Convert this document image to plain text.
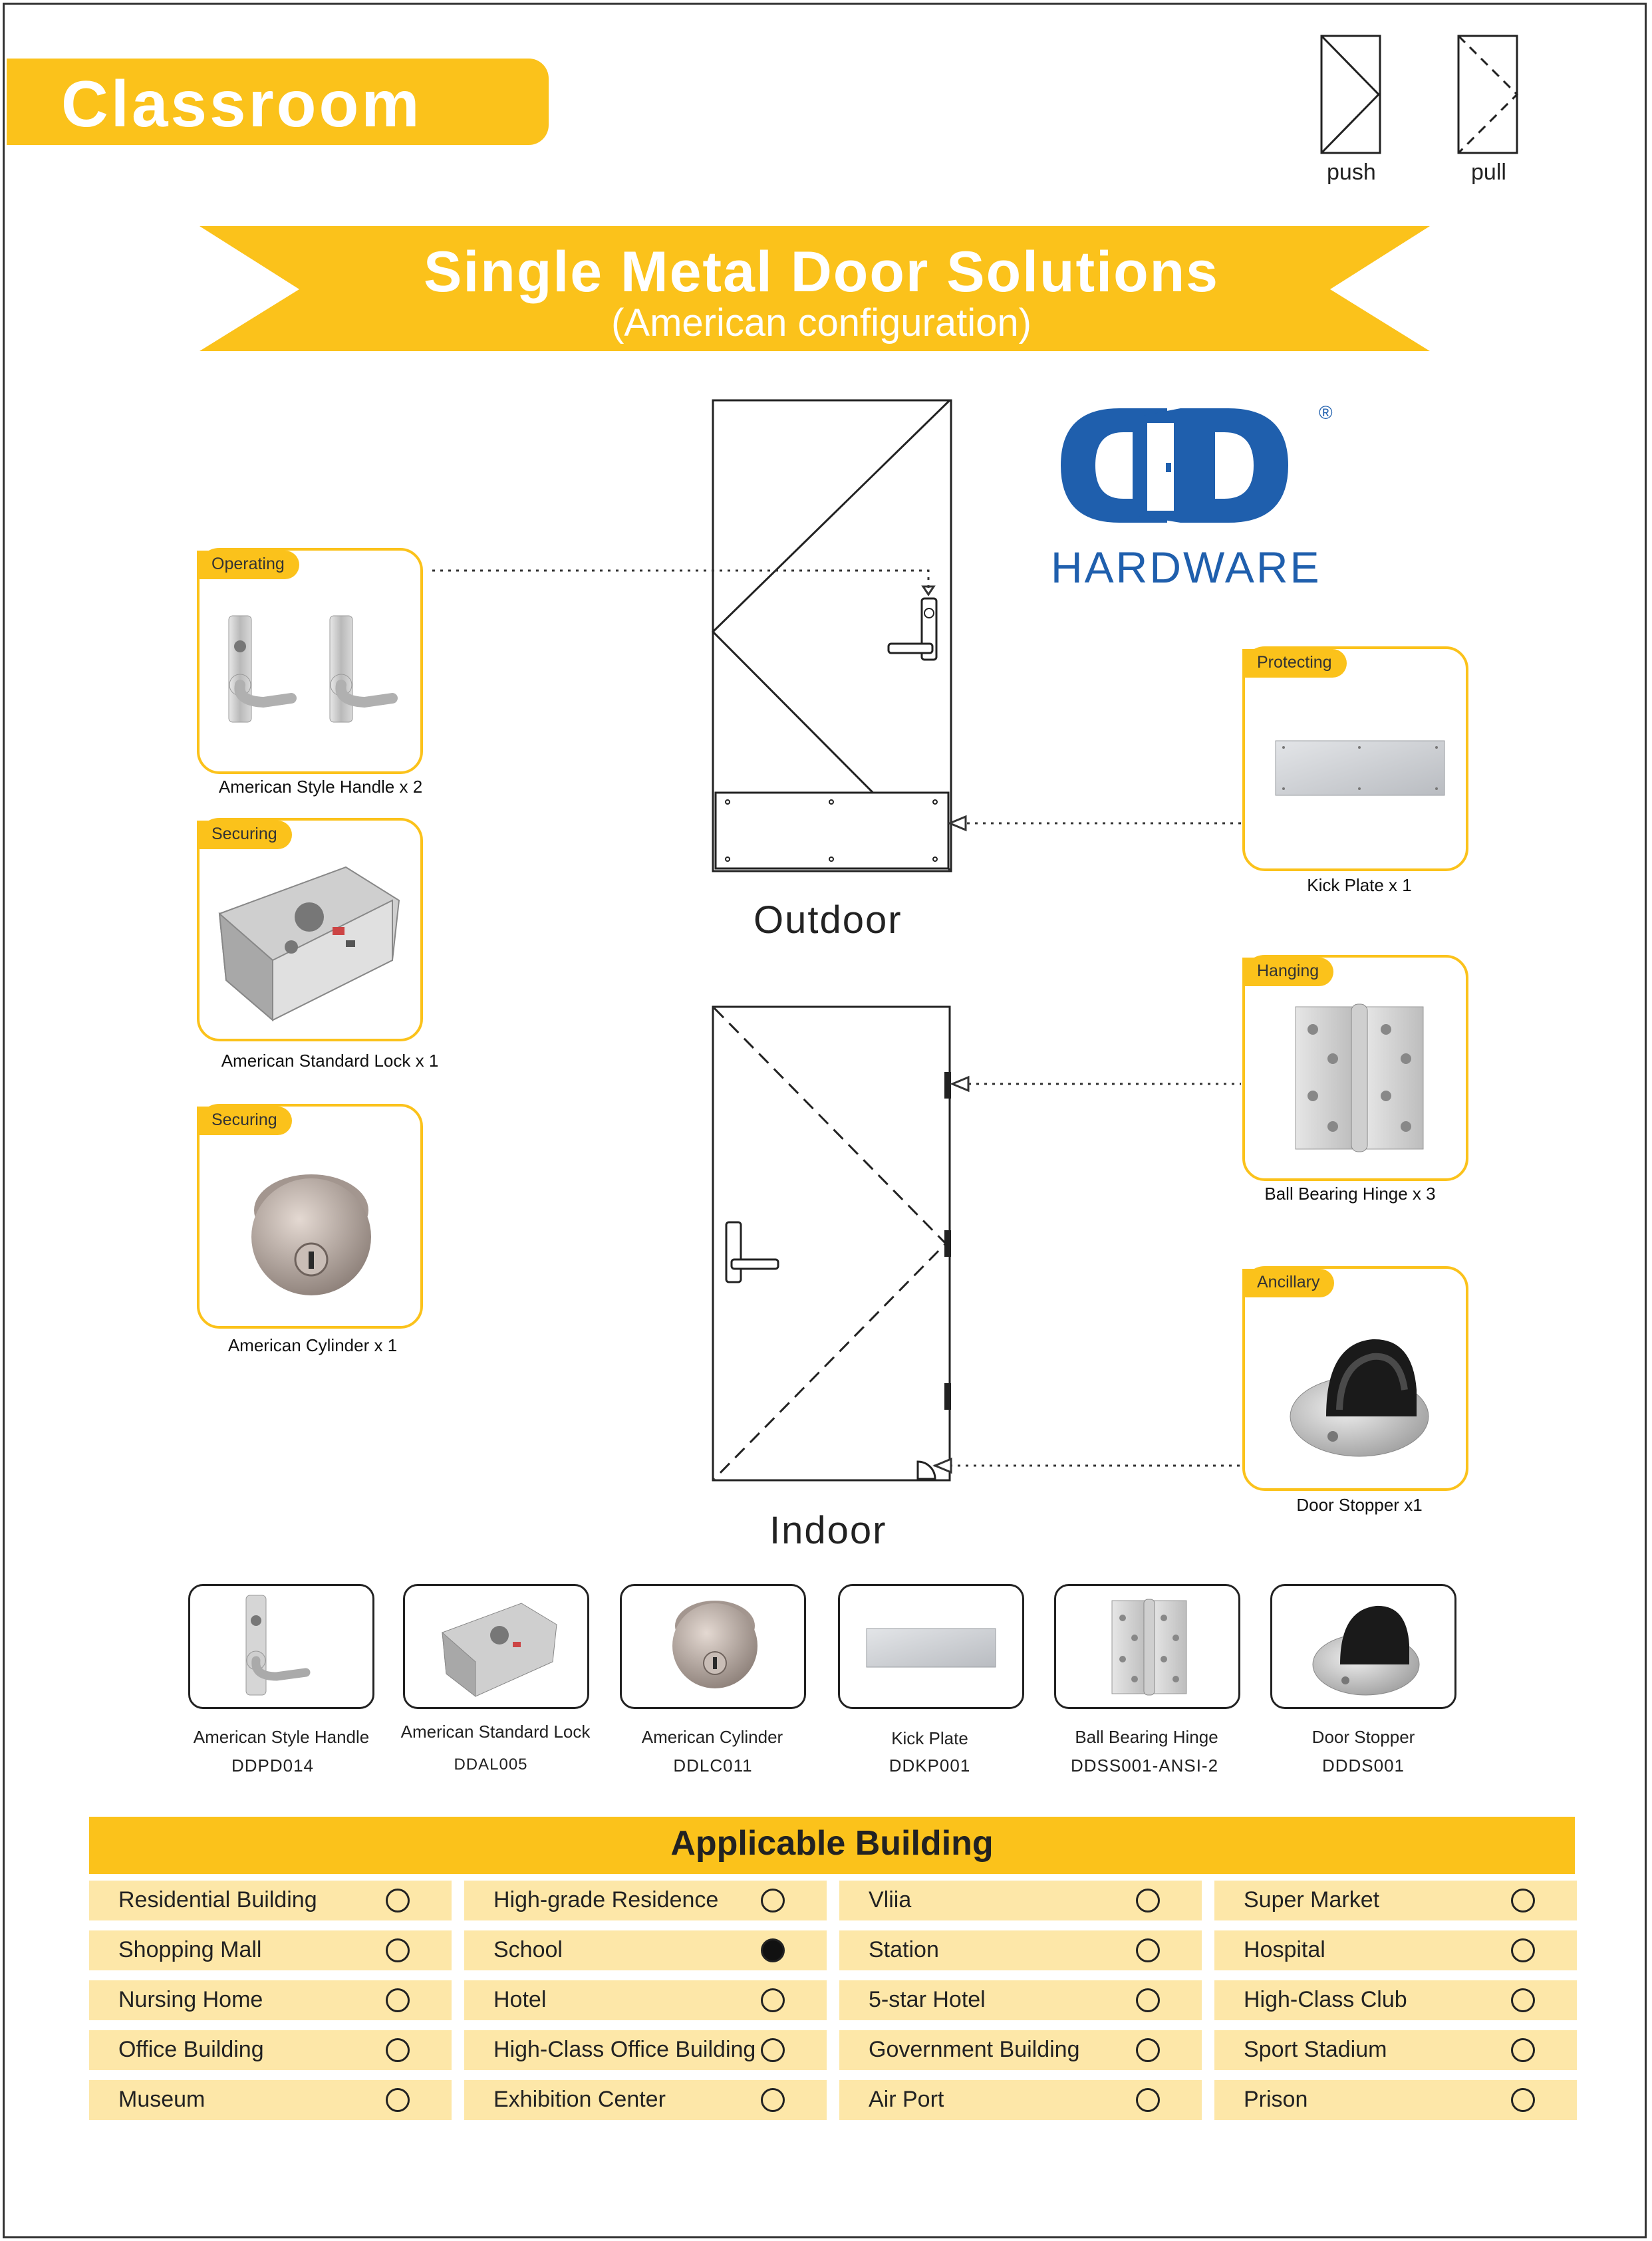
Classroom
push	pull
Single Metal Door Solutions
(American configuration)
®
HARDWARE
Outdoor
Indoor
Operating
American Style Handle x 2
Securing
American Standard Lock x 1
Securing
American Cylinder x 1
Protecting
Kick Plate x 1
Hanging
Ball Bearing Hinge x 3
Ancillary
Door Stopper x1
American Style Handle
DDPD014
American Standard Lock
DDAL005
American Cylinder
DDLC011
Kick Plate
DDKP001
Ball Bearing Hinge
DDSS001-ANSI-2
Door Stopper
DDDS001
Applicable Building
Residential Building	High-grade Residence	Vliia	Super Market
Shopping Mall	School	Station	Hospital
Nursing Home	Hotel	5-star Hotel	High-Class Club
Office Building	High-Class Office Building	Government Building	Sport Stadium
Museum	Exhibition Center	Air Port	Prison
